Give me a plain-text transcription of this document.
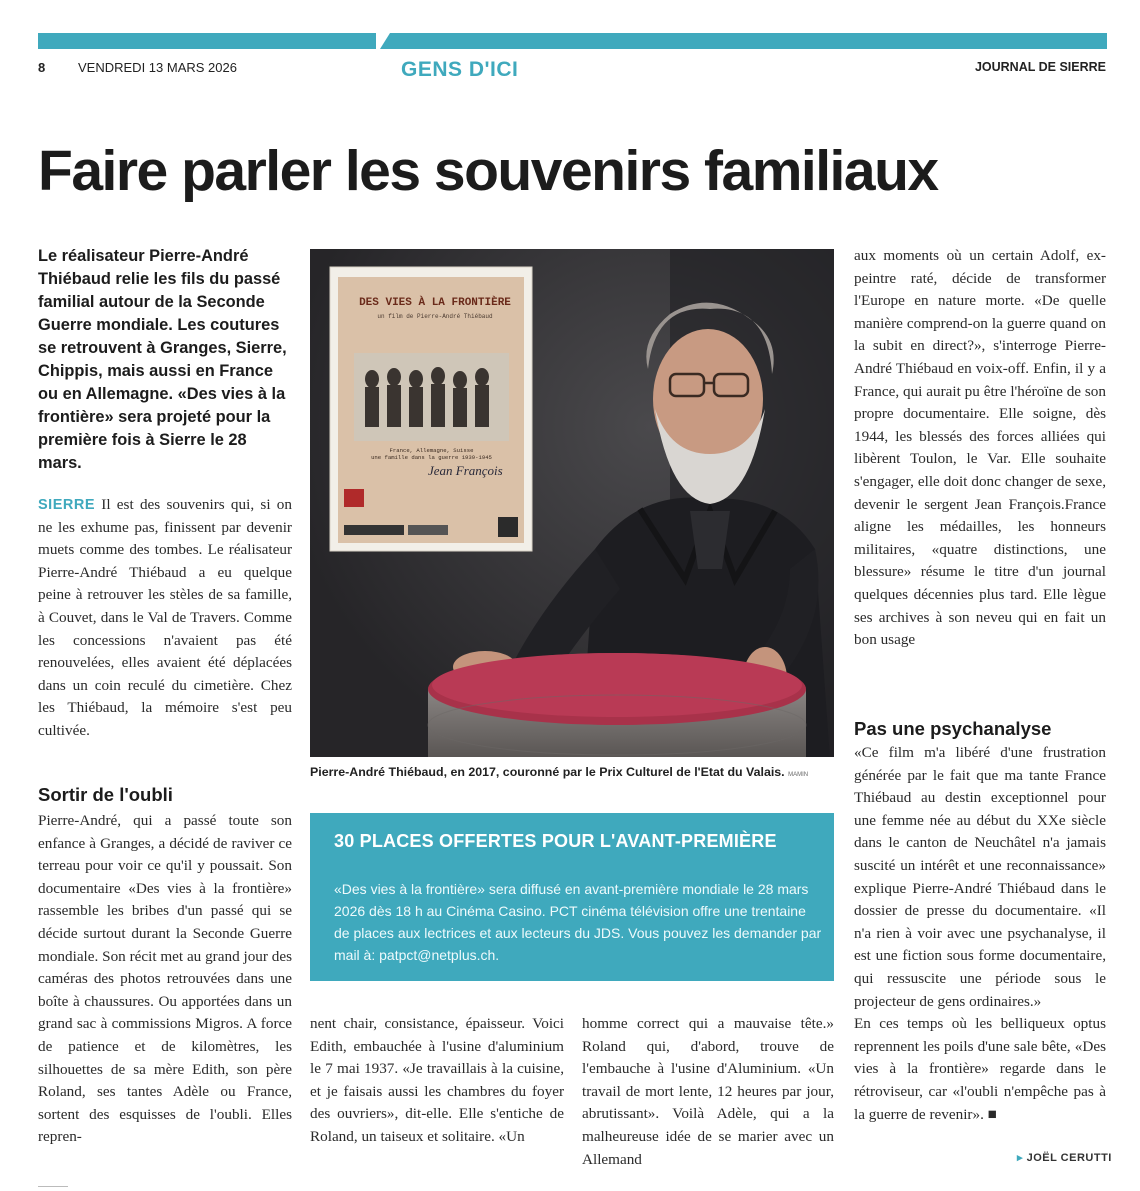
8	VENDREDI 13 MARS 2026	GENS D'ICI	JOURNAL DE SIERRE
Faire parler les souvenirs familiaux
Le réalisateur Pierre-André Thiébaud relie les fils du passé familial autour de la Seconde Guerre mondiale. Les coutures se retrouvent à Granges, Sierre, Chippis, mais aussi en France ou en Allemagne. «Des vies à la frontière» sera projeté pour la première fois à Sierre le 28 mars.

SIERRE Il est des souvenirs qui, si on ne les exhume pas, finissent par devenir muets comme des tombes. Le réalisateur Pierre-André Thiébaud a eu quelque peine à retrouver les stèles de sa famille, à Couvet, dans le Val de Travers. Comme les concessions n'avaient pas été renouvelées, elles avaient été déplacées dans un coin reculé du cimetière. Chez les Thiébaud, la mémoire s'est peu cultivée.

Sortir de l'oubli

Pierre-André, qui a passé toute son enfance à Granges, a décidé de raviver ce terreau pour voir ce qu'il y poussait. Son documentaire «Des vies à la frontière» rassemble les bribes d'un passé qui se décide surtout durant la Seconde Guerre mondiale. Son récit met au grand jour des caméras des photos retrouvées dans une boîte à chaussures. Ou apportées dans un grand sac à commissions Migros. A force de patience et de kilomètres, les silhouettes de sa mère Edith, son père Roland, ses tantes Adèle ou France, sortent des esquisses de l'oubli. Elles repren-

DES VIES À LA FRONTIÈRE
un film de Pierre-André Thiébaud
France, Allemagne, Suisse
une famille dans la guerre 1939-1945
Jean François
Pierre-André Thiébaud, en 2017, couronné par le Prix Culturel de l'Etat du Valais. MAMIN
30 PLACES OFFERTES POUR L'AVANT-PREMIÈRE
«Des vies à la frontière» sera diffusé en avant-première mondiale le 28 mars 2026 dès 18 h au Cinéma Casino. PCT cinéma télévision offre une trentaine de places aux lectrices et aux lecteurs du JDS. Vous pouvez les demander par mail à: patpct@netplus.ch.

nent chair, consistance, épaisseur. Voici Edith, embauchée à l'usine d'aluminium le 7 mai 1937. «Je travaillais à la cuisine, et je faisais aussi les chambres du foyer des ouvriers», dit-elle. Elle s'entiche de Roland, un taiseux et solitaire. «Un

homme correct qui a mauvaise tête.» Roland qui, d'abord, trouve de l'embauche à l'usine d'Aluminium. «Un travail de mort lente, 12 heures par jour, abrutissant». Voilà Adèle, qui a la malheureuse idée de se marier avec un Allemand

aux moments où un certain Adolf, ex-peintre raté, décide de transformer l'Europe en nature morte. «De quelle manière comprend-on la guerre quand on la subit en direct?», s'interroge Pierre-André Thiébaud en voix-off. Enfin, il y a France, qui aurait pu être l'héroïne de son propre documentaire. Elle soigne, dès 1944, les blessés des forces alliées qui libèrent Toulon, le Var. Elle souhaite s'engager, elle doit donc changer de sexe, devenir le sergent Jean François.France aligne les médailles, les honneurs militaires, «quatre distinctions, une blessure» résume le titre d'un journal quelques décennies plus tard. Elle lègue ses archives à son neveu qui en fait un bon usage

Pas une psychanalyse

«Ce film m'a libéré d'une frustration générée par le fait que ma tante France Thiébaud au destin exceptionnel pour une femme née au début du XXe siècle dans le canton de Neuchâtel n'a jamais suscité un intérêt et une reconnaissance» explique Pierre-André Thiébaud dans le dossier de presse du documentaire. «Il n'a rien à voir avec une psychanalyse, il est une fiction sous forme documentaire, qui ressuscite une période sous le projecteur de gens ordinaires.»

En ces temps où les belliqueux optus reprennent les poils d'une sale bête, «Des vies à la frontière» regarde dans le rétroviseur, car «l'oubli n'empêche pas à la guerre de revenir». ■

▸ JOËL CERUTTI
